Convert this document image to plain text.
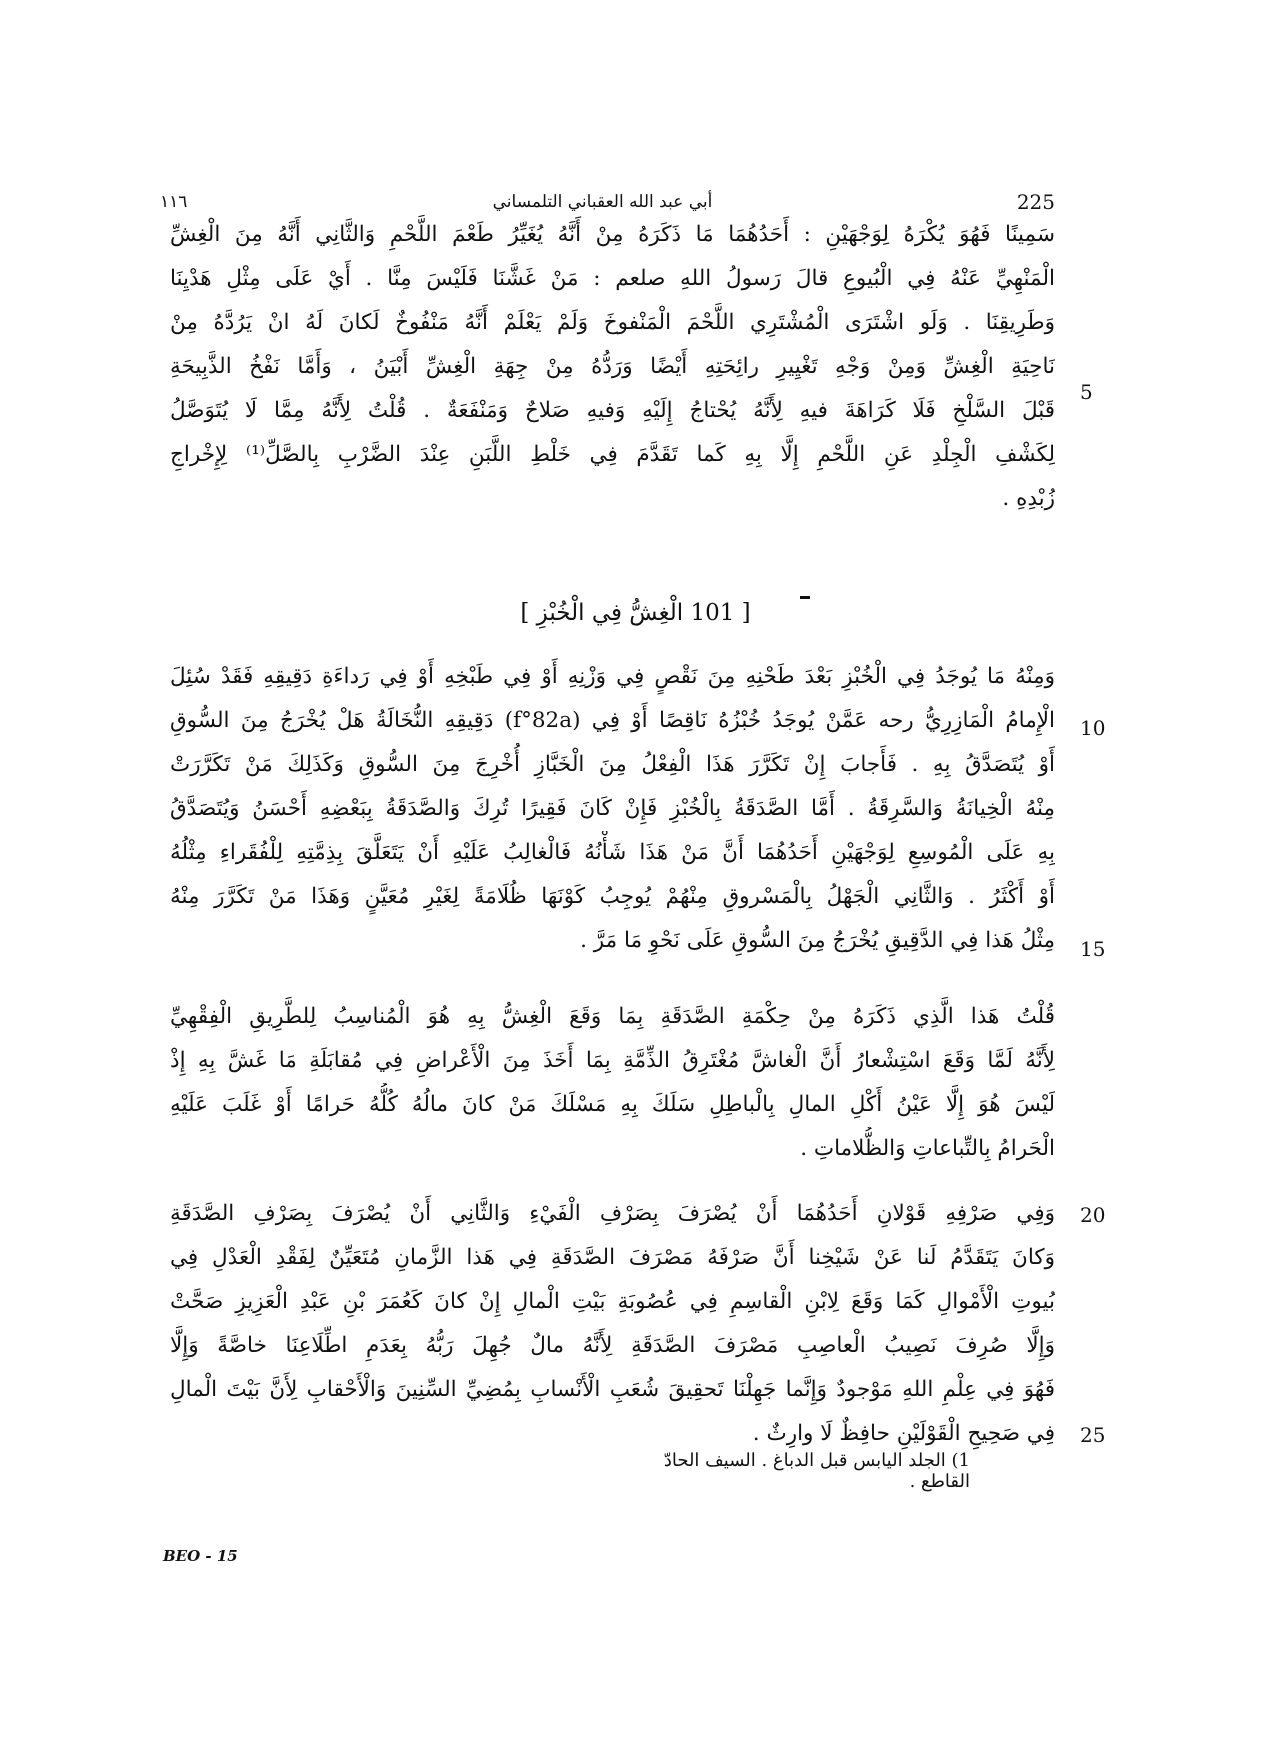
١١٦	أبي عبد الله العقباني التلمساني	225
سَمِينًا فَهُوَ يُكْرَهُ لِوَجْهَيْنِ : أَحَدُهُمَا مَا ذَكَرَهُ مِنْ أَنَّهُ يُغَيِّرُ طَعْمَ اللَّحْمِ وَالثَّانِي أَنَّهُ مِنَ الْغِشِّ
الْمَنْهِيِّ عَنْهُ فِي الْبُيوعِ قالَ رَسولُ اللهِ صلعم : مَنْ غَشَّنَا فَلَيْسَ مِنَّا . أَيْ عَلَى مِثْلِ هَدْيِنَا
وَطَرِيقِنَا . وَلَو اشْتَرَى الْمُشْتَرِي اللَّحْمَ الْمَنْفوخَ وَلَمْ يَعْلَمْ أَنَّهُ مَنْفُوخٌ لَكانَ لَهُ انْ يَرُدَّهُ مِنْ
نَاحِيَةِ الْغِشِّ وَمِنْ وَجْهِ تَغْيِيرِ رائِحَتِهِ أَيْضًا وَرَدُّهُ مِنْ جِهَةِ الْغِشِّ أَبْيَنُ ، وَأَمَّا نَفْخُ الذَّبِيحَةِ
قَبْلَ السَّلْخِ فَلَا كَرَاهَةَ فيهِ لِأَنَّهُ يُحْتاجُ إِلَيْهِ وَفيهِ صَلاحٌ وَمَنْفَعَةٌ . قُلْتُ لِأَنَّهُ مِمَّا لَا يُتَوَصَّلُ
لِكَشْفِ الْجِلْدِ عَنِ اللَّحْمِ إِلَّا بِهِ كَما تَقَدَّمَ فِي خَلْطِ اللَّبَنِ عِنْدَ الضَّرْبِ بِالصَّلِّ⁽¹⁾ لِإِخْراجِ
زُبْدِهِ .
5
[ 101 الْغِشُّ فِي الْخُبْزِ ]
وَمِنْهُ مَا يُوجَدُ فِي الْخُبْزِ بَعْدَ طَحْنِهِ مِنَ نَقْصٍ فِي وَزْنِهِ أَوْ فِي طَبْخِهِ أَوْ فِي رَداءَةِ دَقِيقِهِ فَقَدْ سُئِلَ
الْإِمامُ الْمَازِرِيُّ رحه عَمَّنْ يُوجَدُ خُبْزُهُ نَاقِصًا أَوْ فِي (f°82a) دَقِيقِهِ النُّخَالَةُ هَلْ يُخْرَجُ مِنَ السُّوقِ
أَوْ يُتَصَدَّقُ بِهِ . فَأَجابَ إِنْ تَكَرَّرَ هَذَا الْفِعْلُ مِنَ الْخَبَّازِ أُخْرِجَ مِنَ السُّوقِ وَكَذَلِكَ مَنْ تَكَرَّرَتْ
مِنْهُ الْخِيانَةُ وَالسَّرِقَةُ . أَمَّا الصَّدَقَةُ بِالْخُبْزِ فَإِنْ كَانَ فَقِيرًا تُرِكَ وَالصَّدَقَةُ بِبَعْضِهِ أَحْسَنُ وَيُتَصَدَّقُ
بِهِ عَلَى الْمُوسِعِ لِوَجْهَيْنِ أَحَدُهُمَا أَنَّ مَنْ هَذَا شَأْنُهُ فَالْغالِبُ عَلَيْهِ أَنْ يَتَعَلَّقَ بِذِمَّتِهِ لِلْفُقَراءِ مِثْلُهُ
أَوْ أَكْثَرُ . وَالثَّانِي الْجَهْلُ بِالْمَسْروقِ مِنْهُمْ يُوجِبُ كَوْنَهَا ظُلَامَةً لِغَيْرِ مُعَيَّنٍ وَهَذَا مَنْ تَكَرَّرَ مِنْهُ
مِثْلُ هَذا فِي الدَّقِيقِ يُخْرَجُ مِنَ السُّوقِ عَلَى نَحْوِ مَا مَرَّ .
10
15
قُلْتُ هَذا الَّذِي ذَكَرَهُ مِنْ حِكْمَةِ الصَّدَقَةِ بِمَا وَقَعَ الْغِشُّ بِهِ هُوَ الْمُناسِبُ لِلطَّرِيقِ الْفِقْهِيِّ
لِأَنَّهُ لَمَّا وَقَعَ اسْتِشْعارُ أَنَّ الْغاشَّ مُغْتَرِقُ الذِّمَّةِ بِمَا أَخَذَ مِنَ الْأَعْراضِ فِي مُقابَلَةِ مَا غَشَّ بِهِ إِذْ
لَيْسَ هُوَ إِلَّا عَيْنُ أَكْلِ المالِ بِالْباطِلِ سَلَكَ بِهِ مَسْلَكَ مَنْ كانَ مالُهُ كُلُّهُ حَرامًا أَوْ غَلَبَ عَلَيْهِ
الْحَرامُ بِالتِّباعاتِ وَالظُّلاماتِ .
وَفِي صَرْفِهِ قَوْلانِ أَحَدُهُمَا أَنْ يُصْرَفَ بِصَرْفِ الْفَيْءِ وَالثَّانِي أَنْ يُصْرَفَ بِصَرْفِ الصَّدَقَةِ
وَكانَ يَتَقَدَّمُ لَنا عَنْ شَيْخِنا أَنَّ صَرْفَهُ مَصْرَفَ الصَّدَقَةِ فِي هَذا الزَّمانِ مُتَعَيِّنٌ لِفَقْدِ الْعَدْلِ فِي
بُيوتِ الْأَمْوالِ كَمَا وَقَعَ لِابْنِ الْقاسِمِ فِي عُصُوبَةِ بَيْتِ الْمالِ إِنْ كانَ كَعُمَرَ بْنِ عَبْدِ الْعَزِيزِ صَحَّتْ
وَإِلَّا صُرِفَ نَصِيبُ الْعاصِبِ مَصْرَفَ الصَّدَقَةِ لِأَنَّهُ مالٌ جُهِلَ رَبُّهُ بِعَدَمِ اطِّلَاعِنَا خاصَّةً وَإِلَّا
فَهُوَ فِي عِلْمِ اللهِ مَوْجودٌ وَإِنَّما جَهِلْنَا تَحقِيقَ شُعَبِ الْأَنْسابِ بِمُضِيِّ السِّنِينَ وَالْأَحْقابِ لِأَنَّ بَيْتَ الْمالِ
فِي صَحِيحِ الْقَوْلَيْنِ حافِظٌ لَا وارِثٌ .
20
25
1) الجلد اليابس قبل الدباغ . السيف الحادّ القاطع .
BEO - 15
